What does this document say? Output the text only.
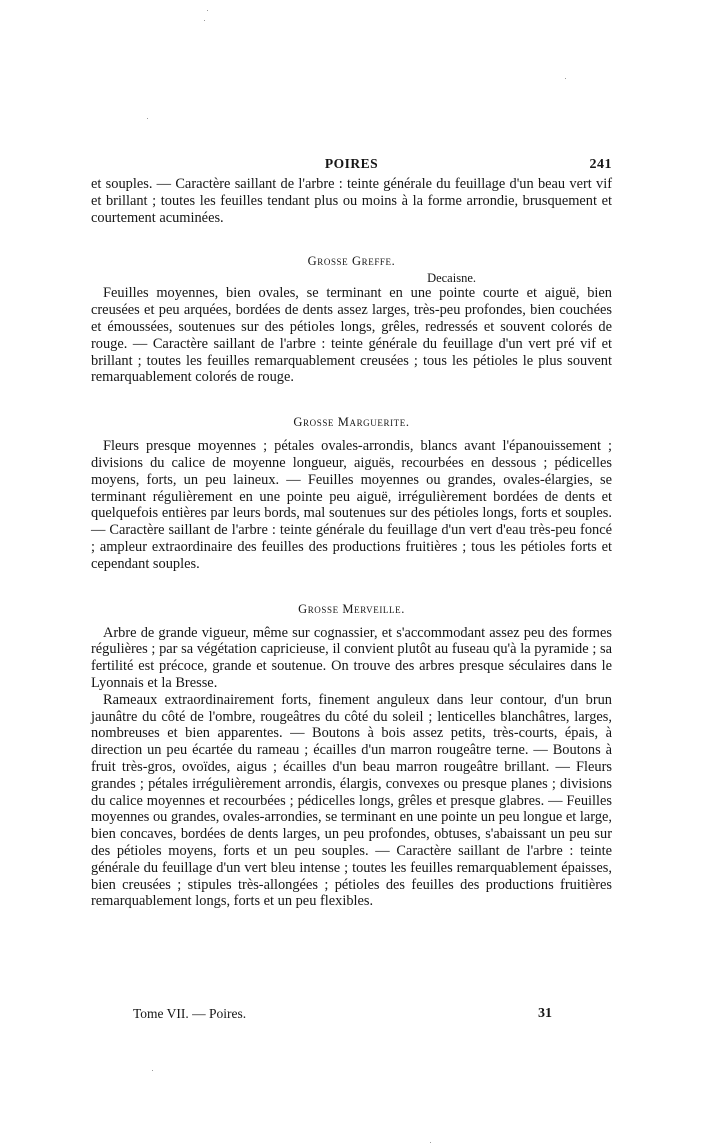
POIRES	241

et souples. — Caractère saillant de l'arbre : teinte générale du feuillage d'un beau vert vif et brillant ; toutes les feuilles tendant plus ou moins à la forme arrondie, brusquement et courtement acuminées.

Grosse Greffe.
Decaisne.

Feuilles moyennes, bien ovales, se terminant en une pointe courte et aiguë, bien creusées et peu arquées, bordées de dents assez larges, très-peu profondes, bien couchées et émoussées, soutenues sur des pétioles longs, grêles, redressés et souvent colorés de rouge. — Caractère saillant de l'arbre : teinte générale du feuillage d'un vert pré vif et brillant ; toutes les feuilles remarquablement creusées ; tous les pétioles le plus souvent remarquablement colorés de rouge.

Grosse Marguerite.

Fleurs presque moyennes ; pétales ovales-arrondis, blancs avant l'épanouissement ; divisions du calice de moyenne longueur, aiguës, recourbées en dessous ; pédicelles moyens, forts, un peu laineux. — Feuilles moyennes ou grandes, ovales-élargies, se terminant régulièrement en une pointe peu aiguë, irrégulièrement bordées de dents et quelquefois entières par leurs bords, mal soutenues sur des pétioles longs, forts et souples. — Caractère saillant de l'arbre : teinte générale du feuillage d'un vert d'eau très-peu foncé ; ampleur extraordinaire des feuilles des productions fruitières ; tous les pétioles forts et cependant souples.

Grosse Merveille.

Arbre de grande vigueur, même sur cognassier, et s'accommodant assez peu des formes régulières ; par sa végétation capricieuse, il convient plutôt au fuseau qu'à la pyramide ; sa fertilité est précoce, grande et soutenue. On trouve des arbres presque séculaires dans le Lyonnais et la Bresse.

Rameaux extraordinairement forts, finement anguleux dans leur contour, d'un brun jaunâtre du côté de l'ombre, rougeâtres du côté du soleil ; lenticelles blanchâtres, larges, nombreuses et bien apparentes. — Boutons à bois assez petits, très-courts, épais, à direction un peu écartée du rameau ; écailles d'un marron rougeâtre terne. — Boutons à fruit très-gros, ovoïdes, aigus ; écailles d'un beau marron rougeâtre brillant. — Fleurs grandes ; pétales irrégulièrement arrondis, élargis, convexes ou presque planes ; divisions du calice moyennes et recourbées ; pédicelles longs, grêles et presque glabres. — Feuilles moyennes ou grandes, ovales-arrondies, se terminant en une pointe un peu longue et large, bien concaves, bordées de dents larges, un peu profondes, obtuses, s'abaissant un peu sur des pétioles moyens, forts et un peu souples. — Caractère saillant de l'arbre : teinte générale du feuillage d'un vert bleu intense ; toutes les feuilles remarquablement épaisses, bien creusées ; stipules très-allongées ; pétioles des feuilles des productions fruitières remarquablement longs, forts et un peu flexibles.

Tome VII. — Poires.	31
